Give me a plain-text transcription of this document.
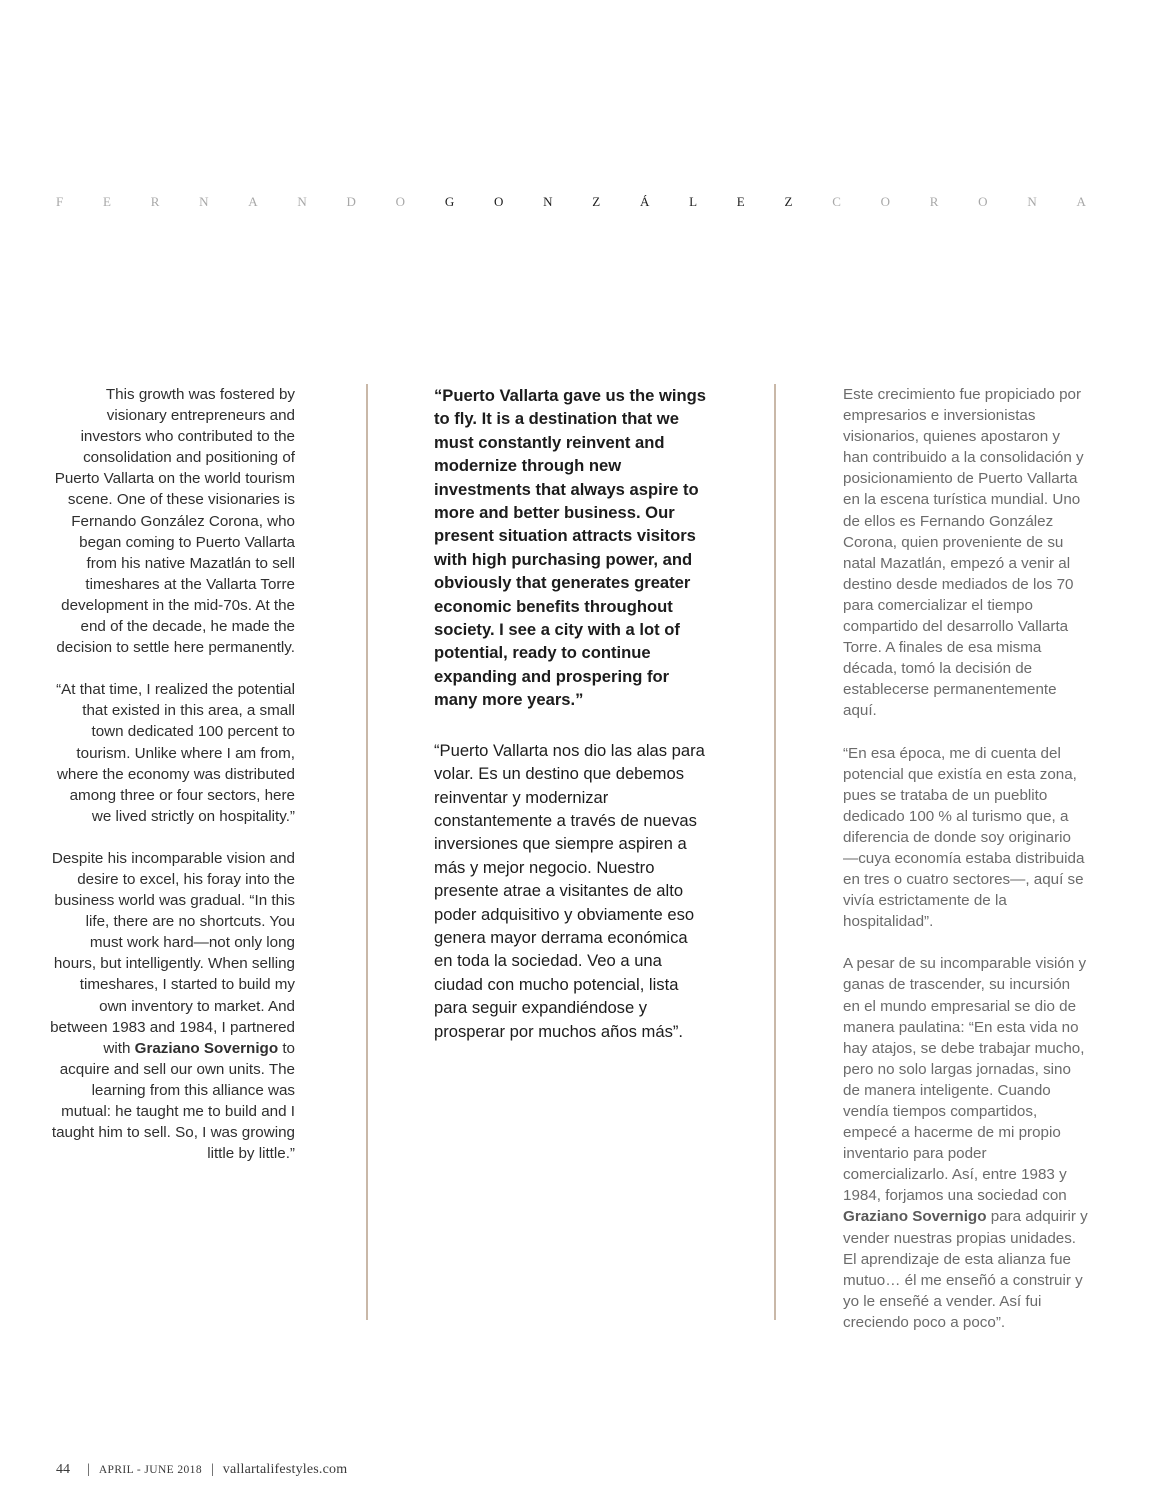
F	E	R	N	A	N	D	O	G	O	N	Z	Á	L	E	Z	C	O	R	O	N	A

This growth was fostered by visionary entrepreneurs and investors who contributed to the consolidation and positioning of Puerto Vallarta on the world tourism scene. One of these visionaries is Fernando González Corona, who began coming to Puerto Vallarta from his native Mazatlán to sell timeshares at the Vallarta Torre development in the mid-70s. At the end of the decade, he made the decision to settle here permanently.

“At that time, I realized the potential that existed in this area, a small town dedicated 100 percent to tourism. Unlike where I am from, where the economy was distributed among three or four sectors, here we lived strictly on hospitality.”

Despite his incomparable vision and desire to excel, his foray into the business world was gradual. “In this life, there are no shortcuts. You must work hard—not only long hours, but intelligently. When selling timeshares, I started to build my own inventory to market. And between 1983 and 1984, I partnered with Graziano Sovernigo to acquire and sell our own units. The learning from this alliance was mutual: he taught me to build and I taught him to sell. So, I was growing little by little.”

“Puerto Vallarta gave us the wings to fly. It is a destination that we must constantly reinvent and modernize through new investments that always aspire to more and better business. Our present situation attracts visitors with high purchasing power, and obviously that generates greater economic benefits throughout society. I see a city with a lot of potential, ready to continue expanding and prospering for many more years.”

“Puerto Vallarta nos dio las alas para volar. Es un destino que debemos reinventar y modernizar constantemente a través de nuevas inversiones que siempre aspiren a más y mejor negocio. Nuestro presente atrae a visitantes de alto poder adquisitivo y obviamente eso genera mayor derrama económica en toda la sociedad. Veo a una ciudad con mucho potencial, lista para seguir expandiéndose y prosperar por muchos años más”.

Este crecimiento fue propiciado por empresarios e inversionistas visionarios, quienes apostaron y han contribuido a la consolidación y posicionamiento de Puerto Vallarta en la escena turística mundial. Uno de ellos es Fernando González Corona, quien proveniente de su natal Mazatlán, empezó a venir al destino desde mediados de los 70 para comercializar el tiempo compartido del desarrollo Vallarta Torre. A finales de esa misma década, tomó la decisión de establecerse permanentemente aquí.

“En esa época, me di cuenta del potencial que existía en esta zona, pues se trataba de un pueblito dedicado 100 % al turismo que, a diferencia de donde soy originario —cuya economía estaba distribuida en tres o cuatro sectores—, aquí se vivía estrictamente de la hospitalidad”.

A pesar de su incomparable visión y ganas de trascender, su incursión en el mundo empresarial se dio de manera paulatina: “En esta vida no hay atajos, se debe trabajar mucho, pero no solo largas jornadas, sino de manera inteligente. Cuando vendía tiempos compartidos, empecé a hacerme de mi propio inventario para poder comercializarlo. Así, entre 1983 y 1984, forjamos una sociedad con Graziano Sovernigo para adquirir y vender nuestras propias unidades. El aprendizaje de esta alianza fue mutuo… él me enseñó a construir y yo le enseñé a vender. Así fui creciendo poco a poco”.

44 | APRIL - JUNE 2018 | vallartalifestyles.com
